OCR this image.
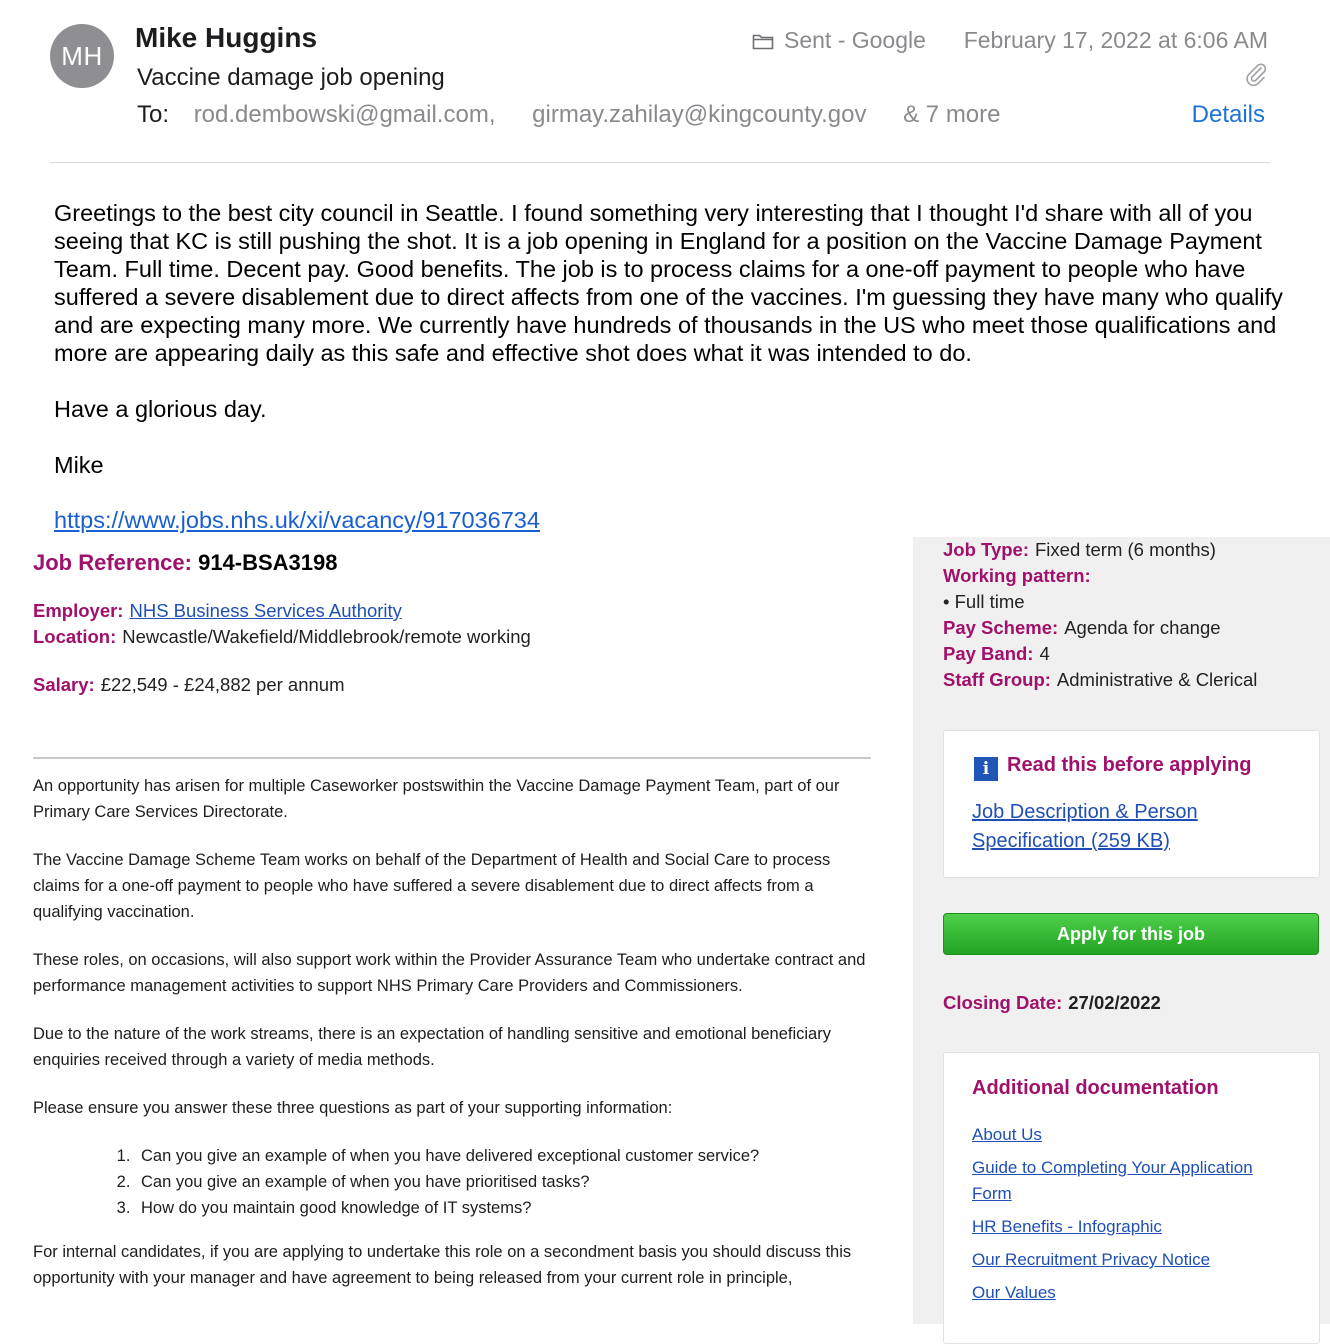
MH
Mike Huggins
Vaccine damage job opening
To: rod.dembowski@gmail.com, girmay.zahilay@kingcounty.gov & 7 more
Sent - Google February 17, 2022 at 6:06 AM
Details

Greetings to the best city council in Seattle. I found something very interesting that I thought I'd share with all of you seeing that KC is still pushing the shot. It is a job opening in England for a position on the Vaccine Damage Payment Team. Full time. Decent pay. Good benefits. The job is to process claims for a one-off payment to people who have suffered a severe disablement due to direct affects from one of the vaccines. I'm guessing they have many who qualify and are expecting many more. We currently have hundreds of thousands in the US who meet those qualifications and more are appearing daily as this safe and effective shot does what it was intended to do.

Have a glorious day.

Mike

https://www.jobs.nhs.uk/xi/vacancy/917036734
Job Reference: 914-BSA3198
Employer: NHS Business Services Authority
Location: Newcastle/Wakefield/Middlebrook/remote working
Salary: £22,549 - £24,882 per annum

An opportunity has arisen for multiple Caseworker postswithin the Vaccine Damage Payment Team, part of our Primary Care Services Directorate.

The Vaccine Damage Scheme Team works on behalf of the Department of Health and Social Care to process claims for a one-off payment to people who have suffered a severe disablement due to direct affects from a qualifying vaccination.

These roles, on occasions, will also support work within the Provider Assurance Team who undertake contract and performance management activities to support NHS Primary Care Providers and Commissioners.

Due to the nature of the work streams, there is an expectation of handling sensitive and emotional beneficiary enquiries received through a variety of media methods.

Please ensure you answer these three questions as part of your supporting information:

1. Can you give an example of when you have delivered exceptional customer service?
2. Can you give an example of when you have prioritised tasks?
3. How do you maintain good knowledge of IT systems?

For internal candidates, if you are applying to undertake this role on a secondment basis you should discuss this opportunity with your manager and have agreement to being released from your current role in principle,

Job Type: Fixed term (6 months)
Working pattern:
• Full time
Pay Scheme: Agenda for change
Pay Band: 4
Staff Group: Administrative & Clerical
i Read this before applying
Job Description & Person Specification (259 KB)
Apply for this job
Closing Date: 27/02/2022
Additional documentation
About Us
Guide to Completing Your Application Form
HR Benefits - Infographic
Our Recruitment Privacy Notice
Our Values
